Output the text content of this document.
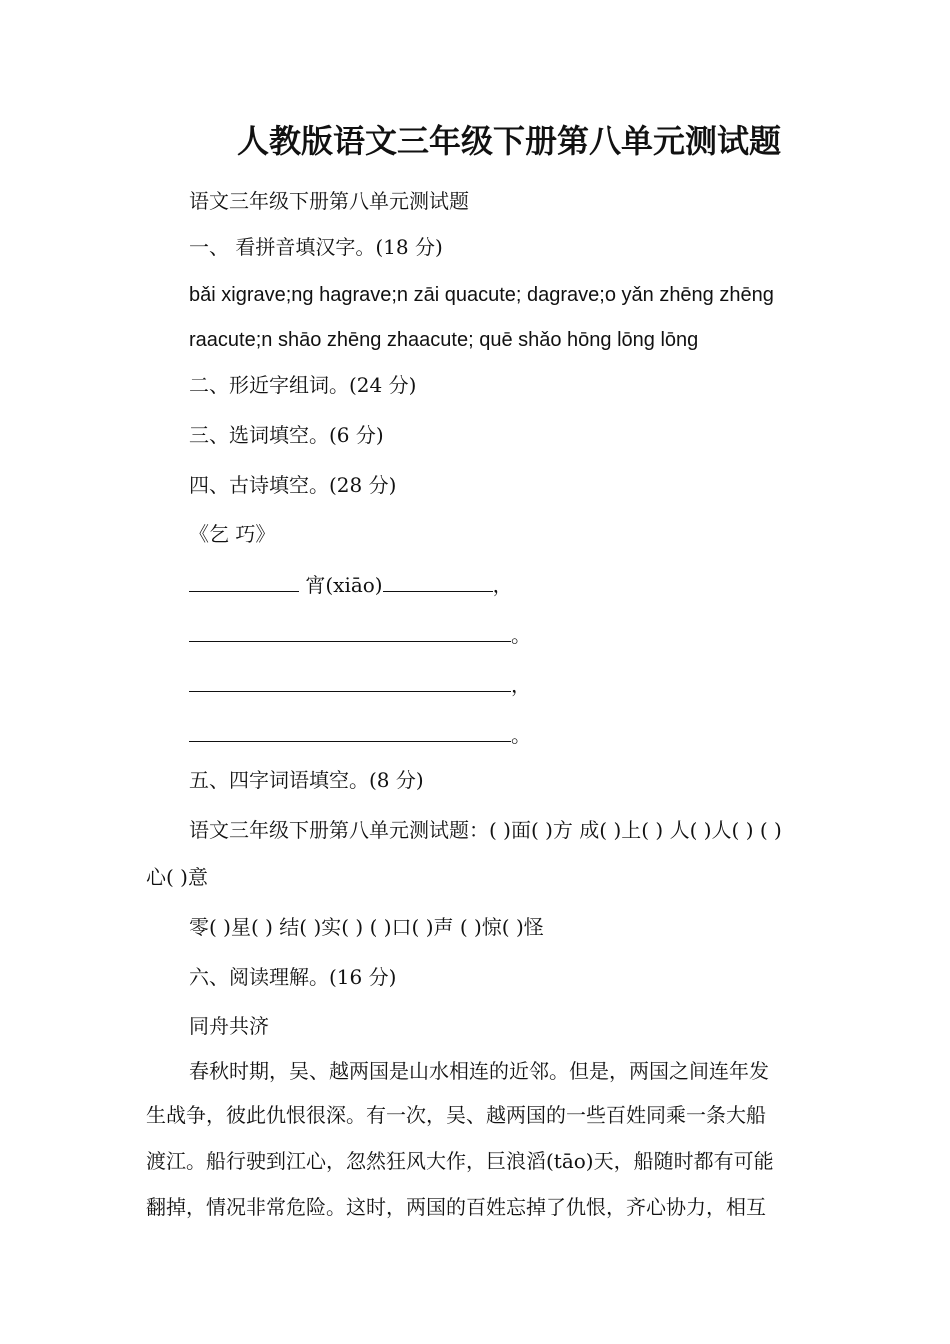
人教版语文三年级下册第八单元测试题
语文三年级下册第八单元测试题
一、 看拼音填汉字。(18 分)
bǎi xigrave;ng hagrave;n zāi quacute; dagrave;o yǎn zhēng zhēng
raacute;n shāo zhēng zhaacute; quē shǎo hōng lōng lōng
二、形近字组词。(24 分)
三、选词填空。(6 分)
四、古诗填空。(28 分)
《乞 巧》
宵(xiāo)	，
。
，
。
五、四字词语填空。(8 分)
语文三年级下册第八单元测试题：( )面( )方 成( )上( ) 人( )人( ) ( )
心( )意
零( )星( ) 结( )实( ) ( )口( )声 ( )惊( )怪
六、阅读理解。(16 分)
同舟共济
春秋时期，吴、越两国是山水相连的近邻。但是，两国之间连年发
生战争，彼此仇恨很深。有一次，吴、越两国的一些百姓同乘一条大船
渡江。船行驶到江心，忽然狂风大作，巨浪滔(tāo)天，船随时都有可能
翻掉，情况非常危险。这时，两国的百姓忘掉了仇恨，齐心协力，相互
